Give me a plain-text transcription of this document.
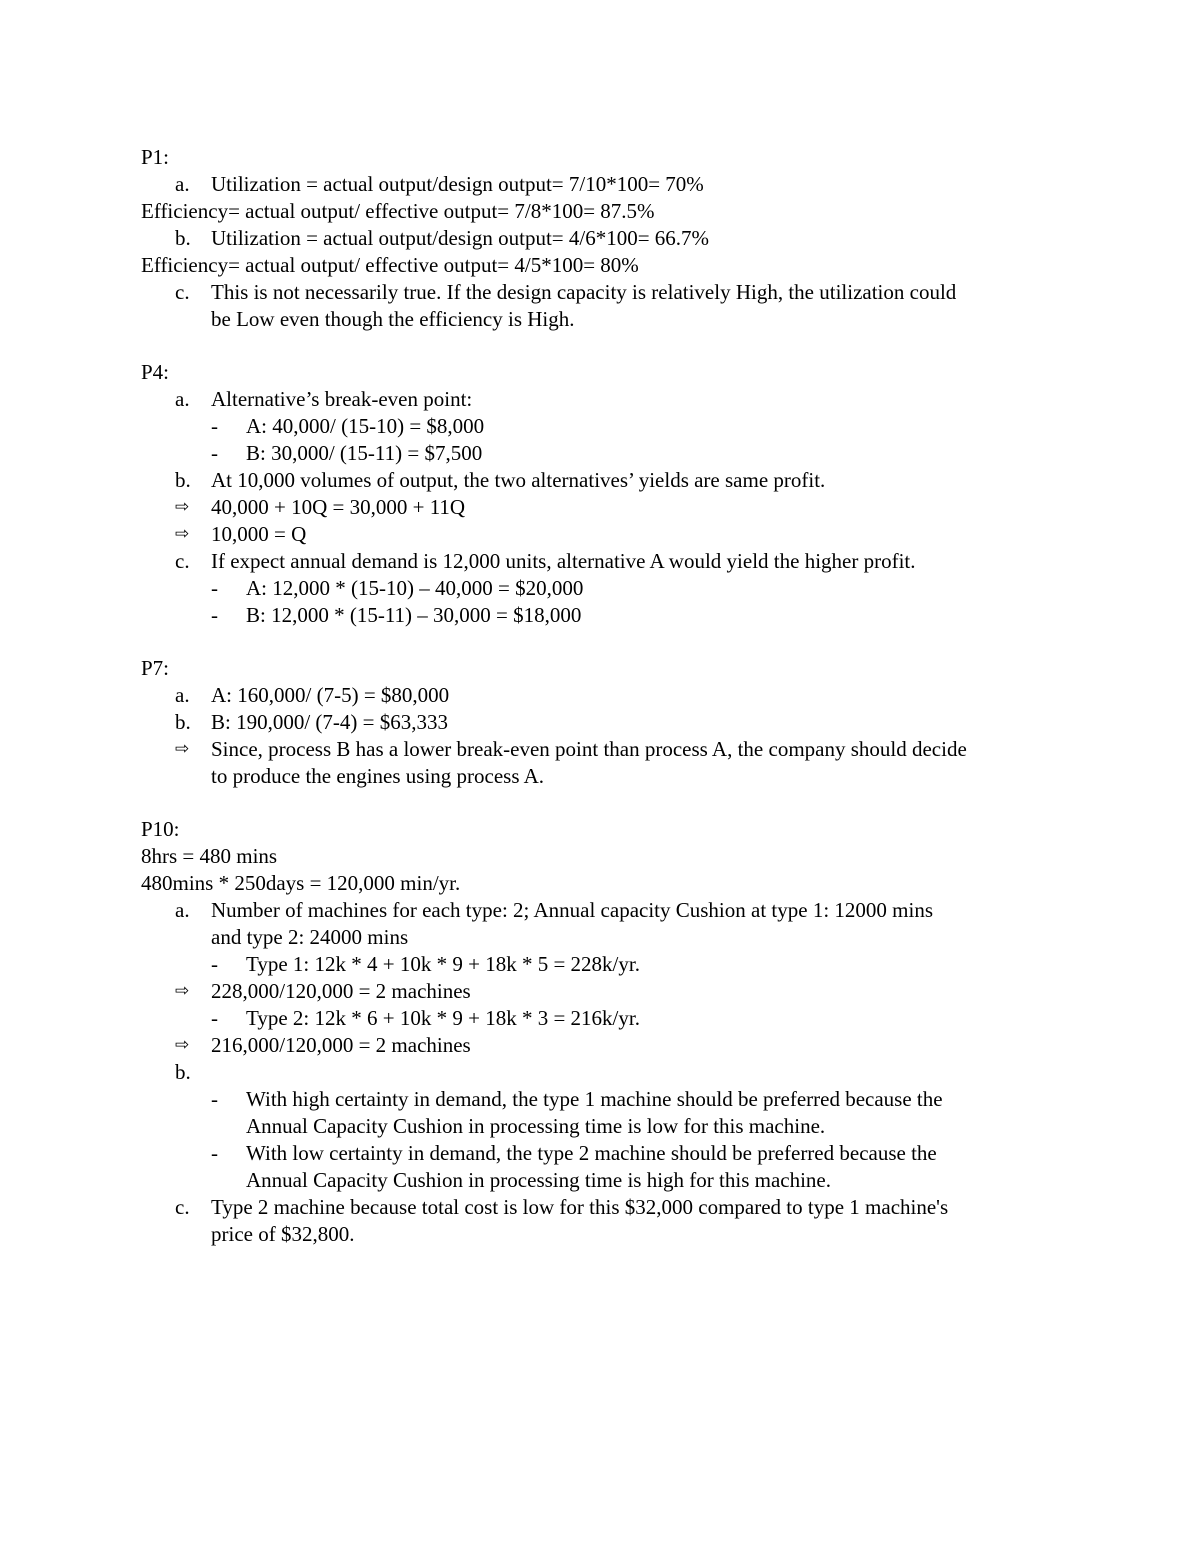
P1:
a. Utilization = actual output/design output= 7/10*100= 70%
Efficiency= actual output/ effective output= 7/8*100= 87.5%
b. Utilization = actual output/design output= 4/6*100= 66.7%
Efficiency= actual output/ effective output= 4/5*100= 80%
c. This is not necessarily true. If the design capacity is relatively High, the utilization could
be Low even though the efficiency is High.
P4:
a. Alternative’s break-even point:
- A: 40,000/ (15-10) = $8,000
- B: 30,000/ (15-11) = $7,500
b. At 10,000 volumes of output, the two alternatives’ yields are same profit.
⇨ 40,000 + 10Q = 30,000 + 11Q
⇨ 10,000 = Q
c. If expect annual demand is 12,000 units, alternative A would yield the higher profit.
- A: 12,000 * (15-10) – 40,000 = $20,000
- B: 12,000 * (15-11) – 30,000 = $18,000
P7:
a. A: 160,000/ (7-5) = $80,000
b. B: 190,000/ (7-4) = $63,333
⇨ Since, process B has a lower break-even point than process A, the company should decide
to produce the engines using process A.
P10:
8hrs = 480 mins
480mins * 250days = 120,000 min/yr.
a. Number of machines for each type: 2; Annual capacity Cushion at type 1: 12000 mins
and type 2: 24000 mins
- Type 1: 12k * 4 + 10k * 9 + 18k * 5 = 228k/yr.
⇨ 228,000/120,000 = 2 machines
- Type 2: 12k * 6 + 10k * 9 + 18k * 3 = 216k/yr.
⇨ 216,000/120,000 = 2 machines
b.
- With high certainty in demand, the type 1 machine should be preferred because the
Annual Capacity Cushion in processing time is low for this machine.
- With low certainty in demand, the type 2 machine should be preferred because the
Annual Capacity Cushion in processing time is high for this machine.
c. Type 2 machine because total cost is low for this $32,000 compared to type 1 machine's
price of $32,800.
